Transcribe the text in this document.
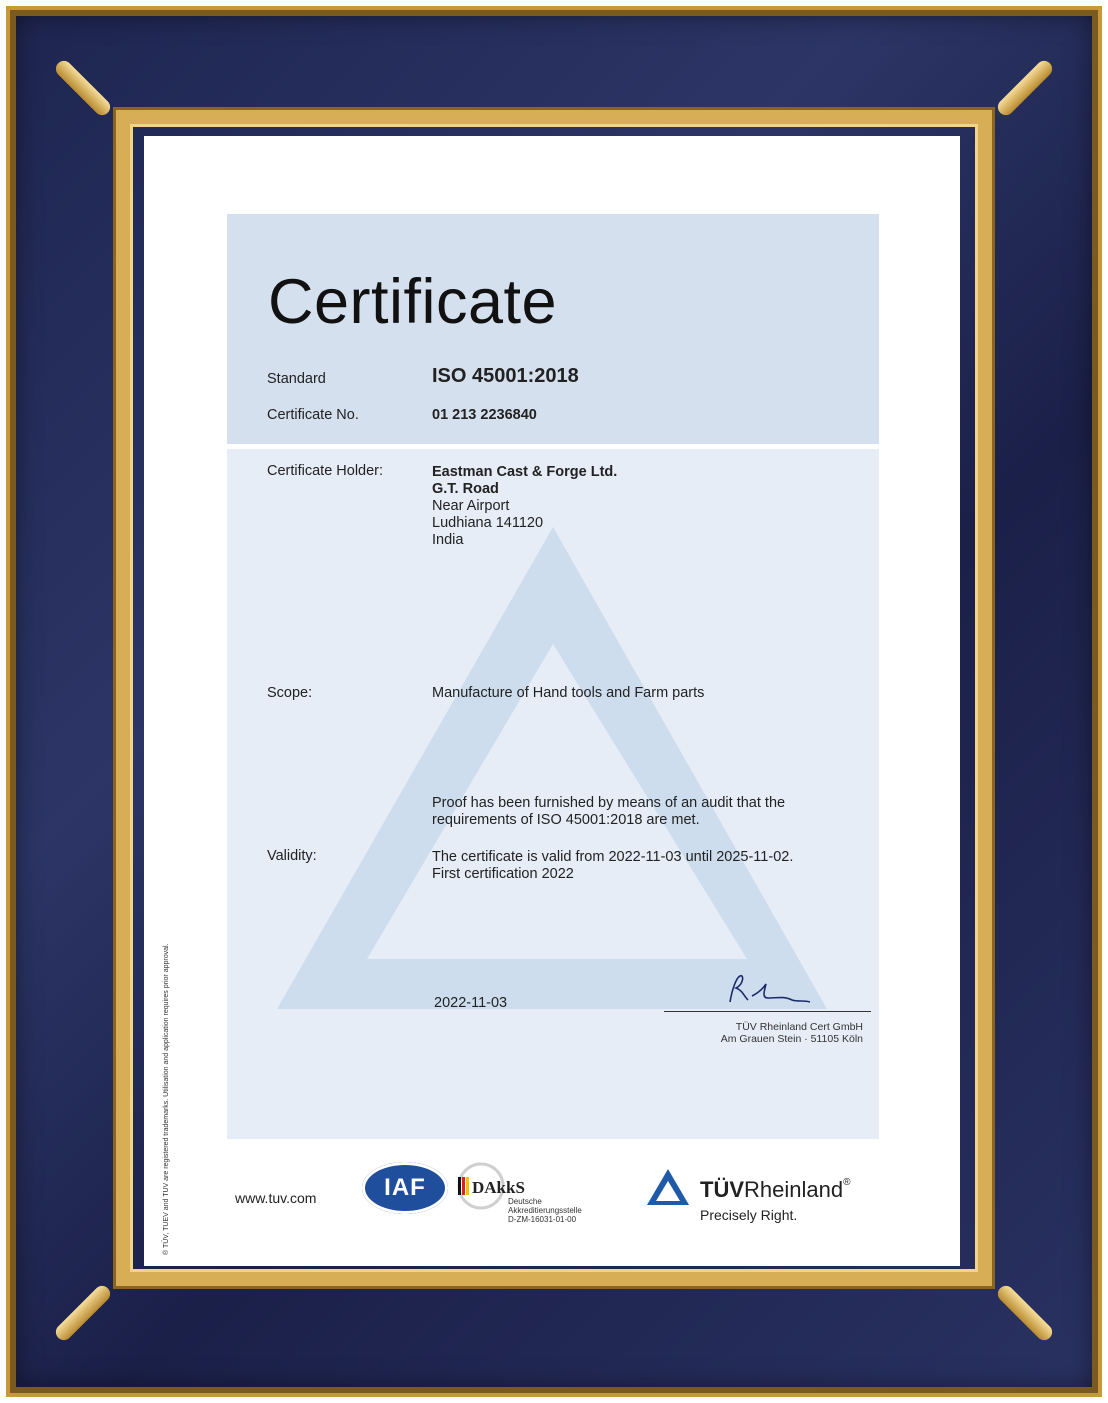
® TÜV, TUEV and TUV are registered trademarks. Utilisation and application requires prior approval.
Certificate
Standard	ISO 45001:2018
Certificate No.	01 213 2236840
Certificate Holder:	Eastman Cast & Forge Ltd.
G.T. Road
Near Airport
Ludhiana 141120
India
Scope:	Manufacture of Hand tools and Farm parts
Proof has been furnished by means of an audit that the
requirements of ISO 45001:2018 are met.
Validity:	The certificate is valid from 2022-11-03 until 2025-11-02.
First certification 2022
2022-11-03
TÜV Rheinland Cert GmbH
Am Grauen Stein · 51105 Köln
www.tuv.com	IAF	DAkkS
Deutsche
Akkreditierungsstelle
D-ZM-16031-01-00
TÜVRheinland®
Precisely Right.
